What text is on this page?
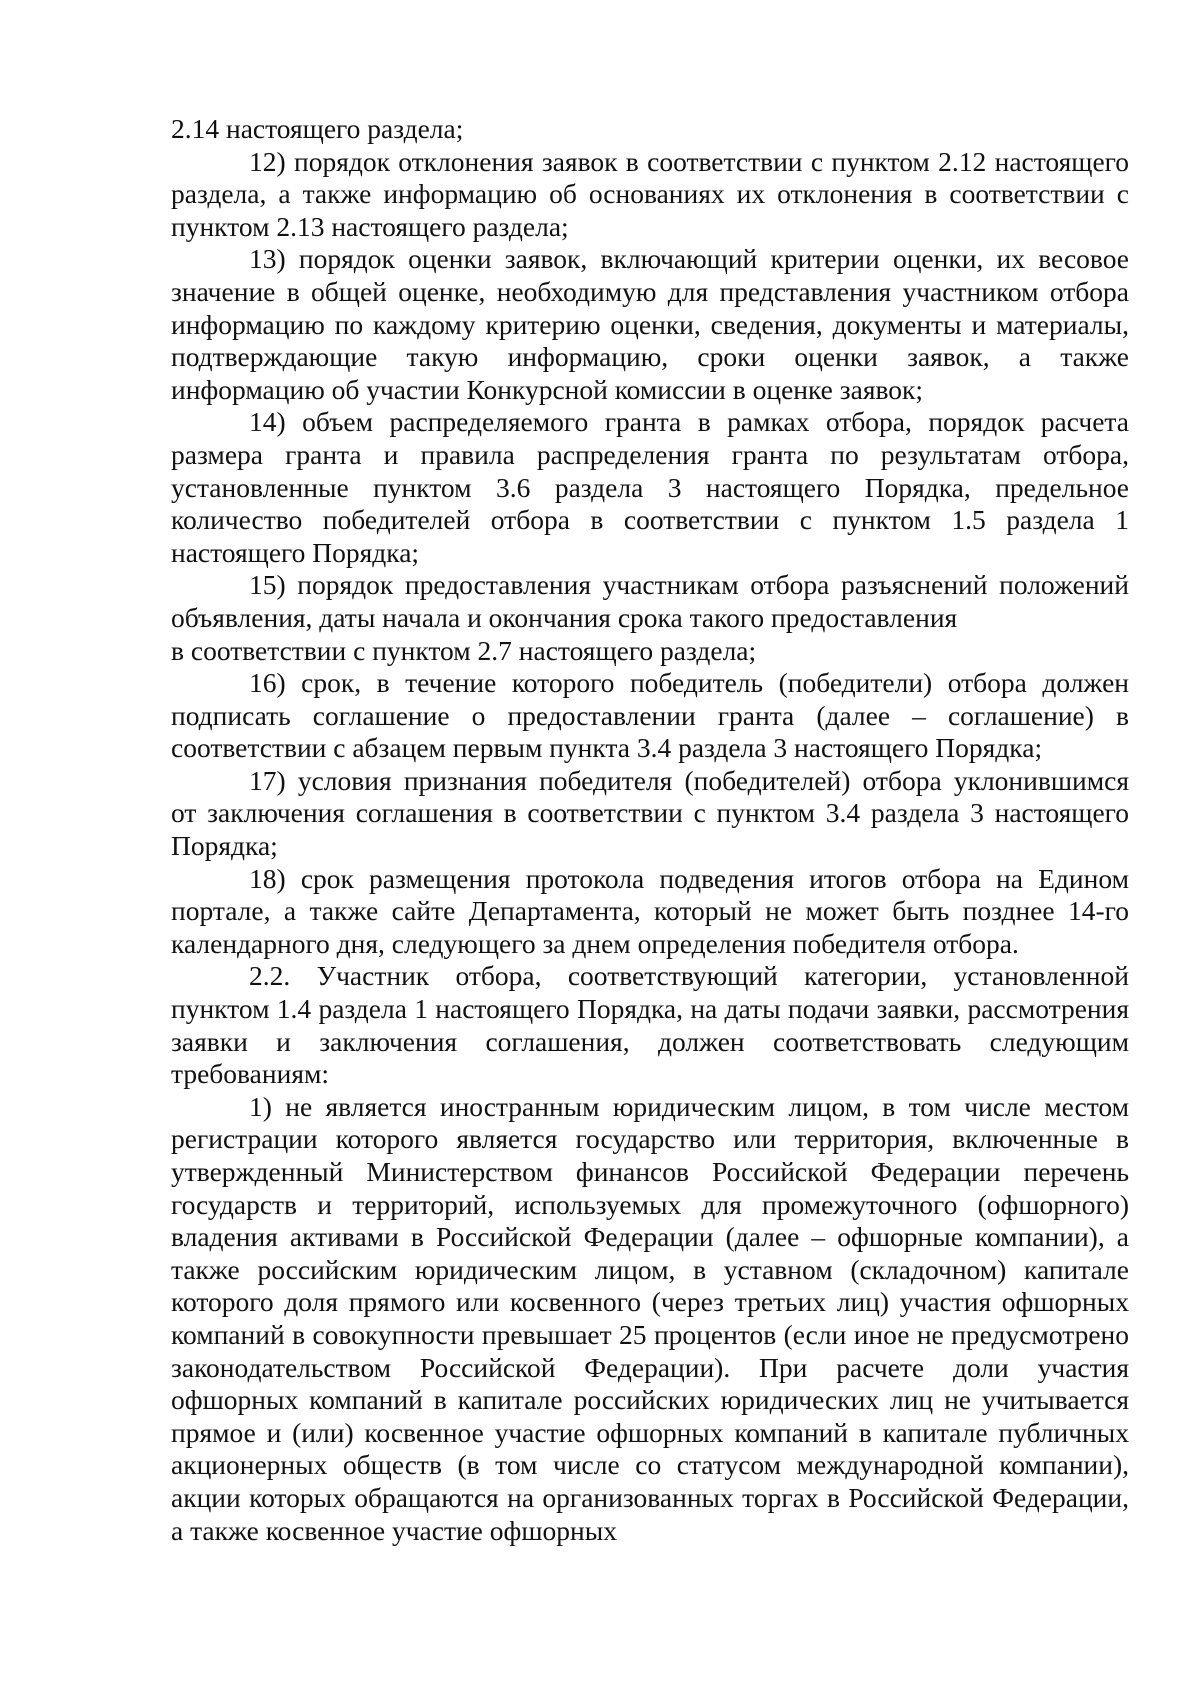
2.14 настоящего раздела;

12) порядок отклонения заявок в соответствии с пунктом 2.12 настоящего раздела, а также информацию об основаниях их отклонения в соответствии с пунктом 2.13 настоящего раздела;

13) порядок оценки заявок, включающий критерии оценки, их весовое значение в общей оценке, необходимую для представления участником отбора информацию по каждому критерию оценки, сведения, документы и материалы, подтверждающие такую информацию, сроки оценки заявок, а также информацию об участии Конкурсной комиссии в оценке заявок;

14) объем распределяемого гранта в рамках отбора, порядок расчета размера гранта и правила распределения гранта по результатам отбора, установленные пунктом 3.6 раздела 3 настоящего Порядка, предельное количество победителей отбора в соответствии с пунктом 1.5 раздела 1 настоящего Порядка;

15) порядок предоставления участникам отбора разъяснений положений объявления, даты начала и окончания срока такого предоставления

в соответствии с пунктом 2.7 настоящего раздела;

16) срок, в течение которого победитель (победители) отбора должен подписать соглашение о предоставлении гранта (далее – соглашение) в соответствии с абзацем первым пункта 3.4 раздела 3 настоящего Порядка;

17) условия признания победителя (победителей) отбора уклонившимся от заключения соглашения в соответствии с пунктом 3.4 раздела 3 настоящего Порядка;

18) срок размещения протокола подведения итогов отбора на Едином портале, а также сайте Департамента, который не может быть позднее 14-го календарного дня, следующего за днем определения победителя отбора.

2.2. Участник отбора, соответствующий категории, установленной пунктом 1.4 раздела 1 настоящего Порядка, на даты подачи заявки, рассмотрения заявки и заключения соглашения, должен соответствовать следующим требованиям:

1) не является иностранным юридическим лицом, в том числе местом регистрации которого является государство или территория, включенные в утвержденный Министерством финансов Российской Федерации перечень государств и территорий, используемых для промежуточного (офшорного) владения активами в Российской Федерации (далее – офшорные компании), а также российским юридическим лицом, в уставном (складочном) капитале которого доля прямого или косвенного (через третьих лиц) участия офшорных компаний в совокупности превышает 25 процентов (если иное не предусмотрено законодательством Российской Федерации). При расчете доли участия офшорных компаний в капитале российских юридических лиц не учитывается прямое и (или) косвенное участие офшорных компаний в капитале публичных акционерных обществ (в том числе со статусом международной компании), акции которых обращаются на организованных торгах в Российской Федерации, а также косвенное участие офшорных
